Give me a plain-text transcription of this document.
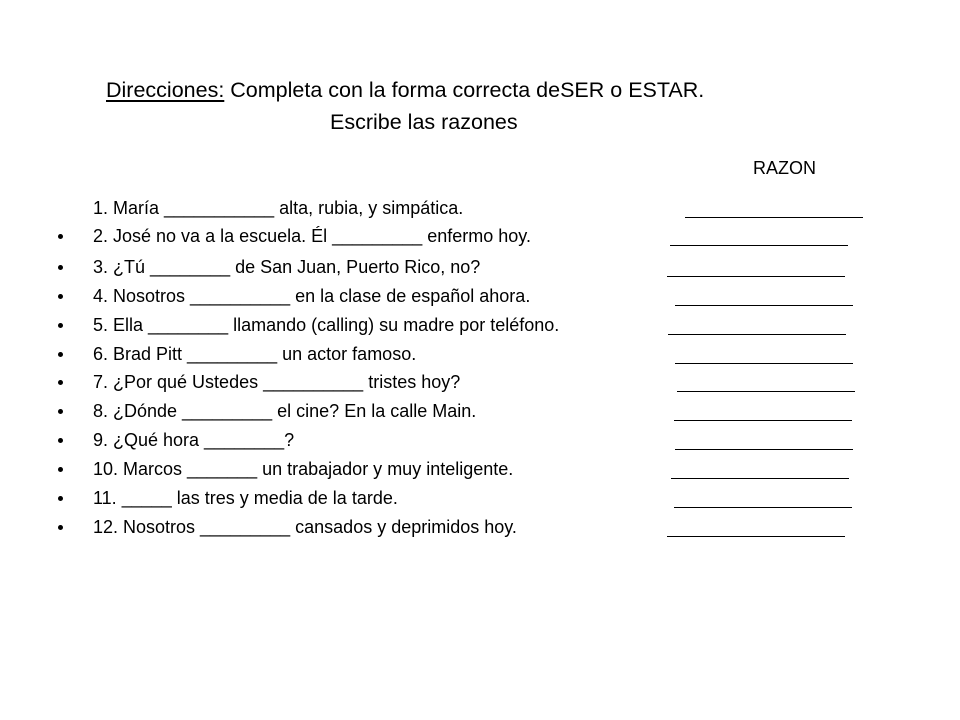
Direcciones: Completa con la forma correcta deSER o ESTAR.
Escribe las razones
RAZON
1. María ___________ alta, rubia, y simpática.
2. José no va a la escuela. Él _________ enfermo hoy.
3. ¿Tú ________ de San Juan, Puerto Rico, no?
4. Nosotros __________ en la clase de español ahora.
5. Ella ________ llamando (calling) su madre por teléfono.
6. Brad Pitt _________ un actor famoso.
7. ¿Por qué Ustedes __________ tristes hoy?
8. ¿Dónde _________ el cine? En la calle Main.
9. ¿Qué hora ________?
10. Marcos _______ un trabajador y muy inteligente.
11. _____ las tres y media de la tarde.
12. Nosotros _________ cansados y deprimidos hoy.
